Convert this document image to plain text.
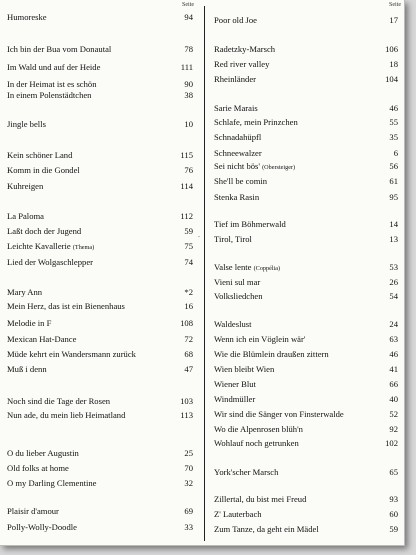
Seite	Seite
Humoreske	94
Ich bin der Bua vom Donautal	78
Im Wald und auf der Heide	111
In der Heimat ist es schön	90
In einem Polenstädtchen	38
Jingle bells	10
Kein schöner Land	115
Komm in die Gondel	76
Kuhreigen	114
La Paloma	112
Laßt doch der Jugend	59
Leichte Kavallerie (Thema)	75
Lied der Wolgaschlepper	74
Mary Ann	*2
Mein Herz, das ist ein Bienenhaus	16
Melodie in F	108
Mexican Hat-Dance	72
Müde kehrt ein Wandersmann zurück	68
Muß i denn	47
Noch sind die Tage der Rosen	103
Nun ade, du mein lieb Heimatland	113
O du lieber Augustin	25
Old folks at home	70
O my Darling Clementine	32
Plaisir d'amour	69
Polly-Wolly-Doodle	33
Poor old Joe	17
Radetzky-Marsch	106
Red river valley	18
Rheinländer	104
Sarie Marais	46
Schlafe, mein Prinzchen	55
Schnadahüpfl	35
Schneewalzer	6
Sei nicht bös' (Obersteiger)	56
She'll be comin	61
Stenka Rasin	95
Tief im Böhmerwald	14
Tirol, Tirol	13
Valse lente (Coppélia)	53
Vieni sul mar	26
Volksliedchen	54
Waldeslust	24
Wenn ich ein Vöglein wär'	63
Wie die Blümlein draußen zittern	46
Wien bleibt Wien	41
Wiener Blut	66
Windmüller	40
Wir sind die Sänger von Finsterwalde	52
Wo die Alpenrosen blüh'n	92
Wohlauf noch getrunken	102
York'scher Marsch	65
Zillertal, du bist mei Freud	93
Z' Lauterbach	60
Zum Tanze, da geht ein Mädel	59
-
